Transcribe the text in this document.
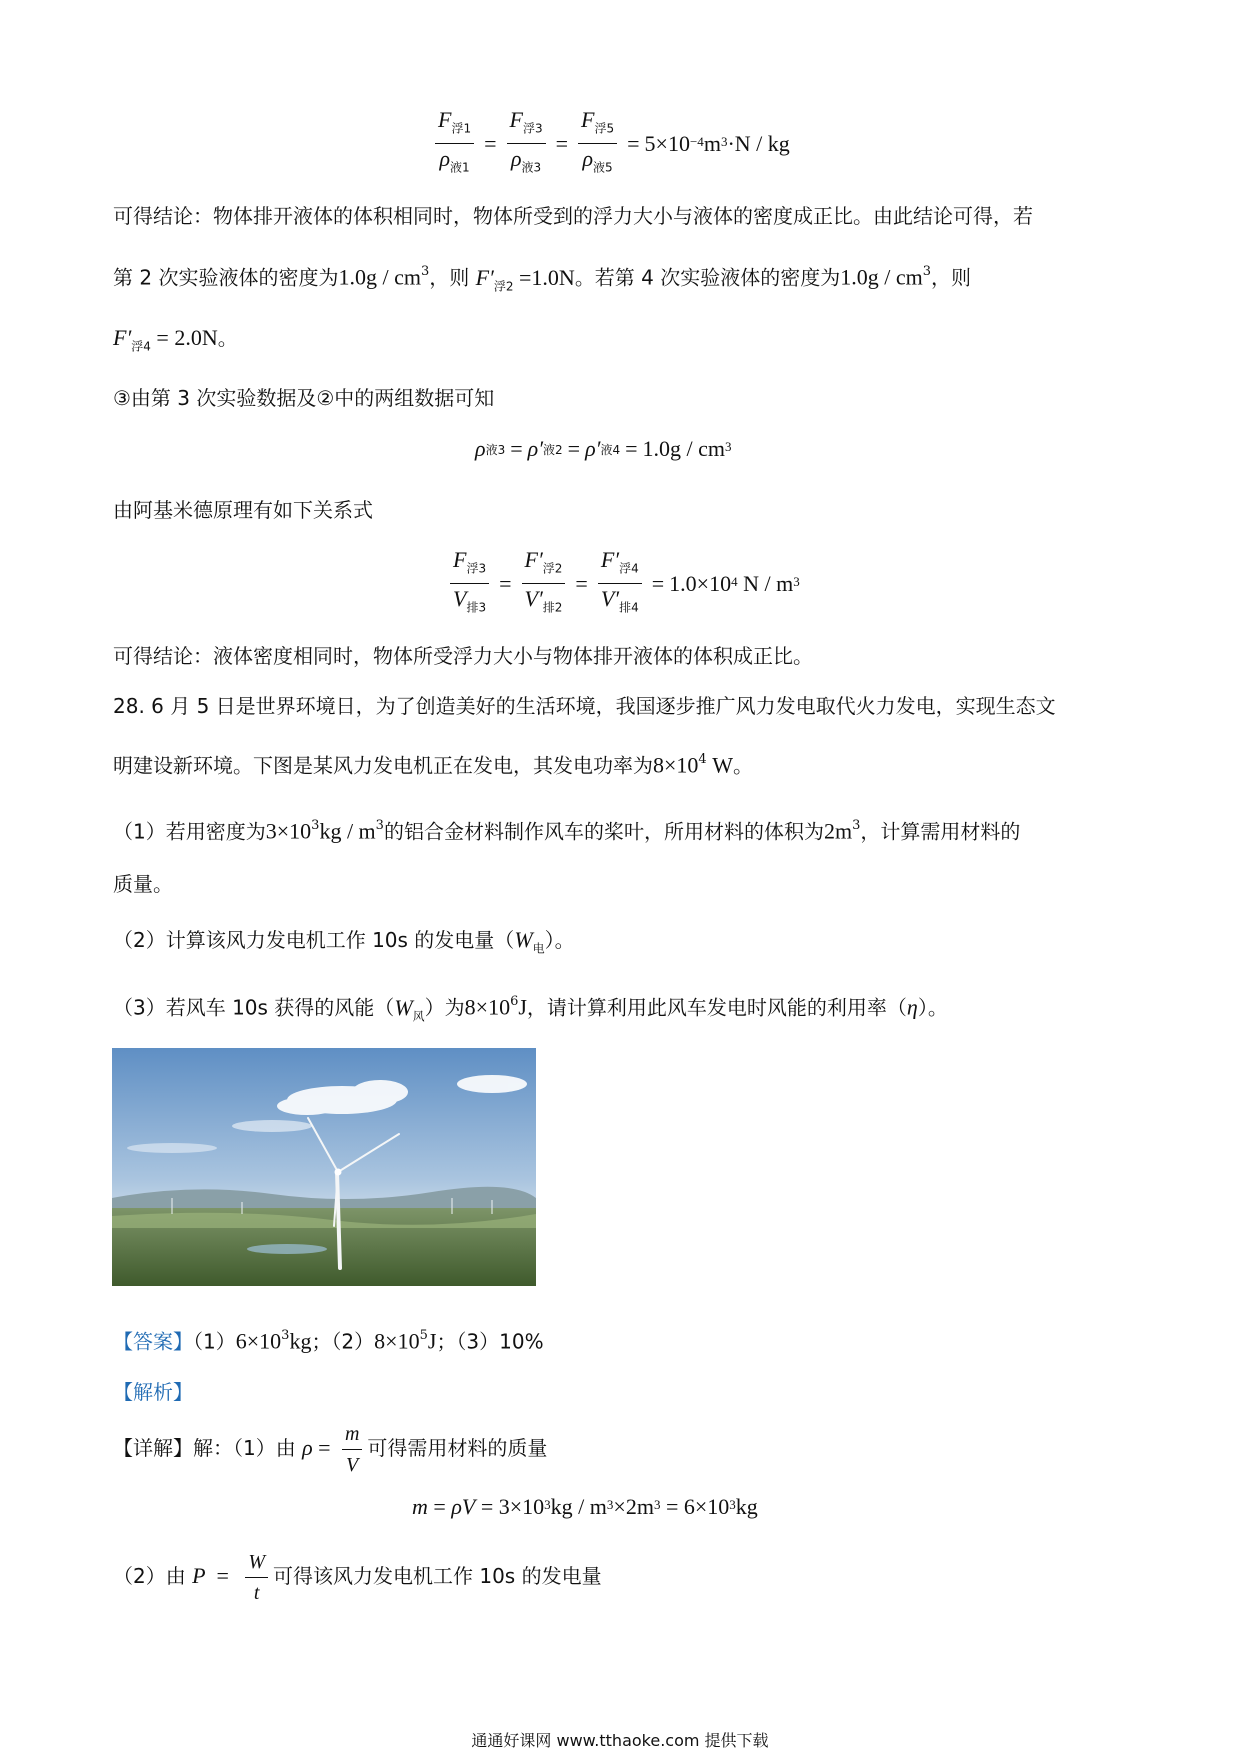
$\frac{F_{浮1}}{\rho_{液1}} = \frac{F_{浮3}}{\rho_{液3}} = \frac{F_{浮5}}{\rho_{液5}} = 5\times 10^{-4}$ $m^3 \cdot N$ / kg
可得结论：物体排开液体的体积相同时，物体所受到的浮力大小与液体的密度成正比。由此结论可得，若
第 2 次实验液体的密度为$1.0g / cm^3$，则 $F'_{浮2} =1.0N$。若第 4 次实验液体的密度为$1.0g / cm^3$，则
$F'_{浮4} = 2.0N$。
③由第 3 次实验数据及②中的两组数据可知
ρ 液3 = ρ ′ 液2 = ρ ′ 液$4 = 1.0g / cm^3$
由阿基米德原理有如下关系式
$\frac{F_{浮3}}{V_{排3}} = \frac{F'_{浮2}}{V'_{排2}} = \frac{F'_{浮4}}{V'_{排4}} = 1.0\times 10^4$
N / $m^3$
可得结论：液体密度相同时，物体所受浮力大小与物体排开液体的体积成正比。
28. 6 月 5 日是世界环境日，为了创造美好的生活环境，我国逐步推广风力发电取代火力发电，实现生态文
明建设新环境。下图是某风力发电机正在发电，其发电功率为$8\times 10^4$ W。
（1）若用密度为$3\times 10^3kg / m^3$的铝合金材料制作风车的桨叶，所用材料的体积为$2m^3$，计算需用材料的
质量。
（2）计算该风力发电机工作 10s 的发电量$(W_电)$。
（3）若风车 10s 获得的风能$(W_风)$为$8\times 10^6J$，请计算利用此风车发电时风能的利用率（η）。
【答案】$(1)6\times 10^3kg$；$(2)8\times 10^5J$；（3）10%
【解析】
【详解】解：（1）由 $\rho = \frac{m}{V}$ 可得需用材料的质量
m
=
ρ V
=
$3\times 10^3$ kg / $m^3 \times 2m^3$
= $6\times 10^3$ kg
（2）由 $P = \frac{W}{t}$ 可得该风力发电机工作 10s 的发电量
通通好课网 www.tthaoke.com 提供下载
